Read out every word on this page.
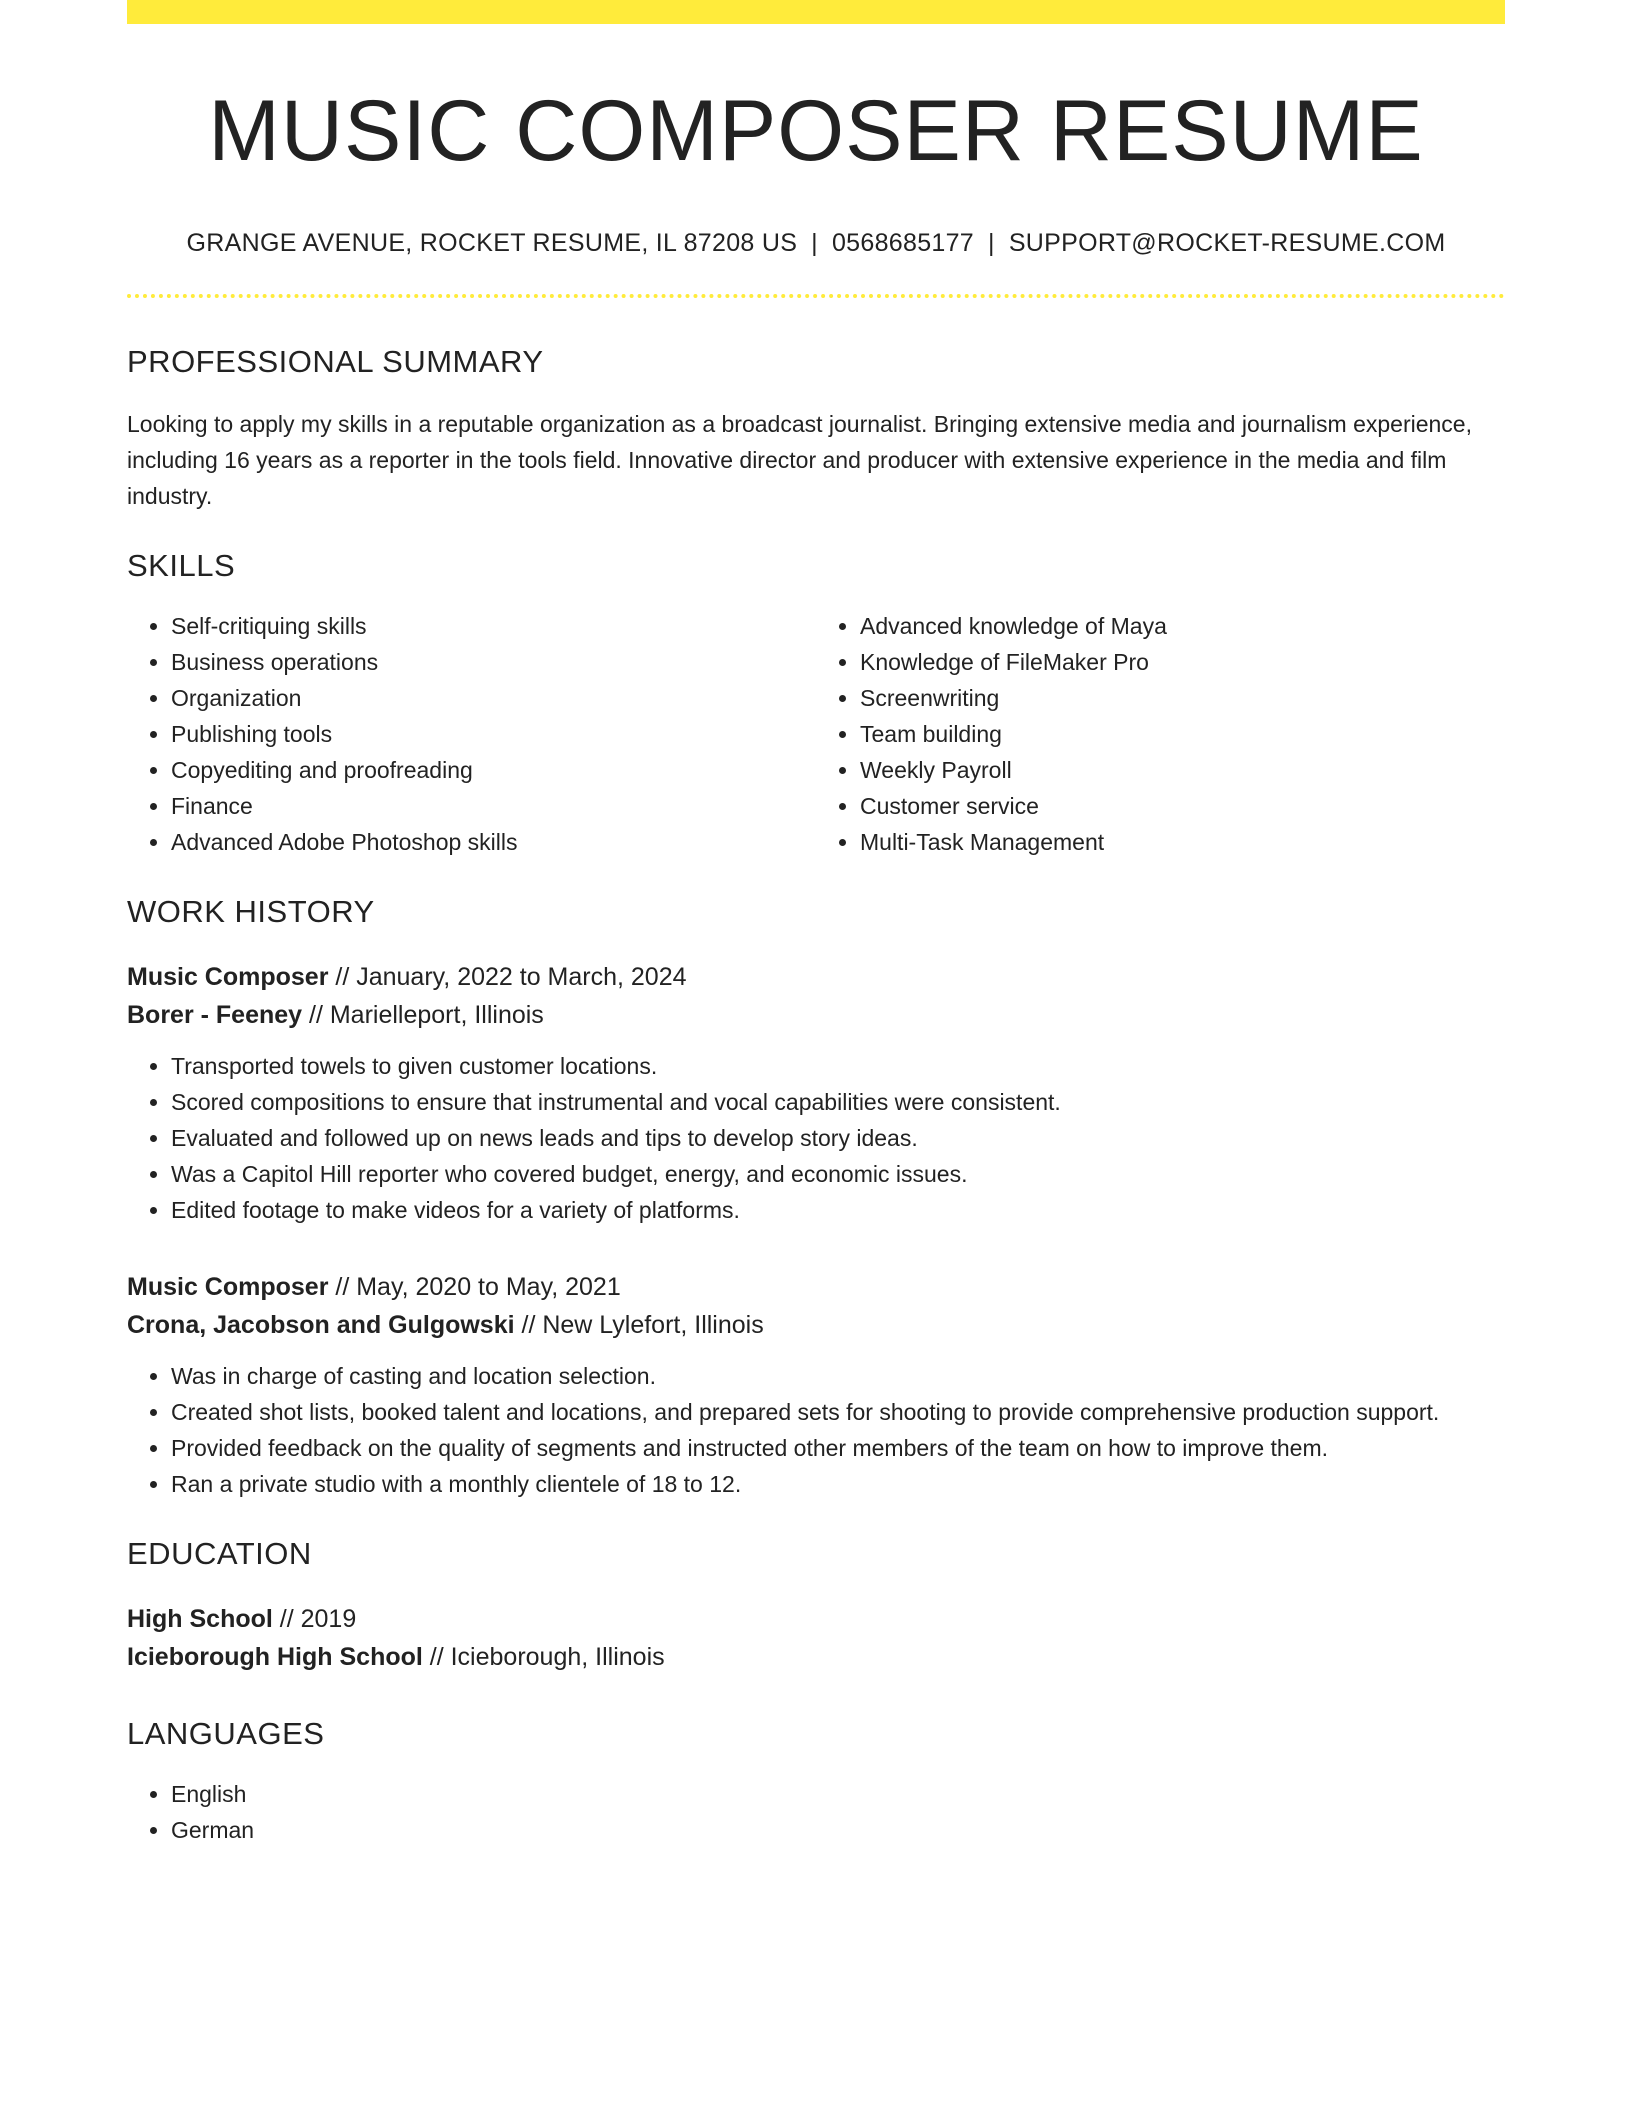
MUSIC COMPOSER RESUME
GRANGE AVENUE, ROCKET RESUME, IL 87208 US | 0568685177 | SUPPORT@ROCKET-RESUME.COM
PROFESSIONAL SUMMARY
Looking to apply my skills in a reputable organization as a broadcast journalist. Bringing extensive media and journalism experience, including 16 years as a reporter in the tools field. Innovative director and producer with extensive experience in the media and film industry.
SKILLS
• Self-critiquing skills
• Business operations
• Organization
• Publishing tools
• Copyediting and proofreading
• Finance
• Advanced Adobe Photoshop skills
• Advanced knowledge of Maya
• Knowledge of FileMaker Pro
• Screenwriting
• Team building
• Weekly Payroll
• Customer service
• Multi-Task Management
WORK HISTORY
Music Composer // January, 2022 to March, 2024
Borer - Feeney // Marielleport, Illinois
• Transported towels to given customer locations.
• Scored compositions to ensure that instrumental and vocal capabilities were consistent.
• Evaluated and followed up on news leads and tips to develop story ideas.
• Was a Capitol Hill reporter who covered budget, energy, and economic issues.
• Edited footage to make videos for a variety of platforms.
Music Composer // May, 2020 to May, 2021
Crona, Jacobson and Gulgowski // New Lylefort, Illinois
• Was in charge of casting and location selection.
• Created shot lists, booked talent and locations, and prepared sets for shooting to provide comprehensive production support.
• Provided feedback on the quality of segments and instructed other members of the team on how to improve them.
• Ran a private studio with a monthly clientele of 18 to 12.
EDUCATION
High School // 2019
Icieborough High School // Icieborough, Illinois
LANGUAGES
• English
• German
